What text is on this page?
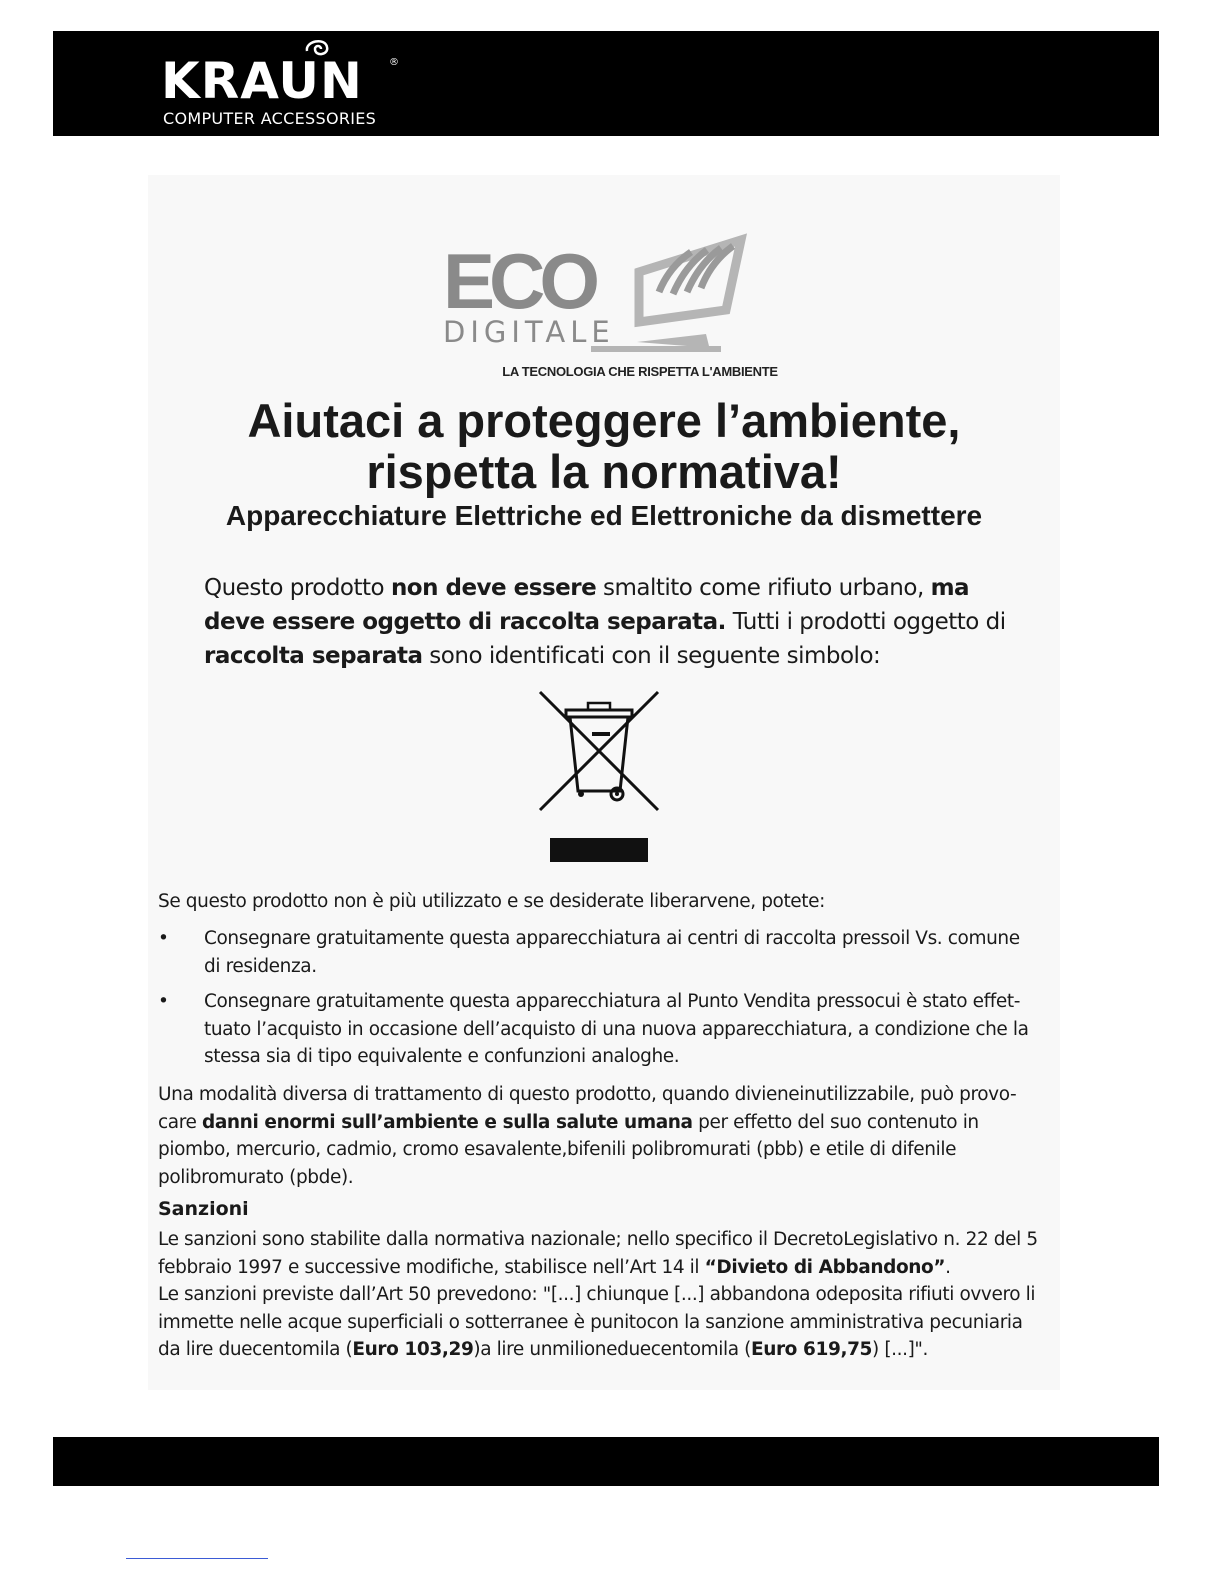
KRAUN	®
COMPUTER ACCESSORIES
ECO
DIGITALE
LA TECNOLOGIA CHE RISPETTA L'AMBIENTE
Aiutaci a proteggere l’ambiente,
rispetta la normativa!
Apparecchiature Elettriche ed Elettroniche da dismettere

Questo prodotto non deve essere smaltito come rifiuto urbano, ma deve essere oggetto di raccolta separata. Tutti i prodotti oggetto di raccolta separata sono identificati con il seguente simbolo:

Se questo prodotto non è più utilizzato e se desiderate liberarvene, potete:

• Consegnare gratuitamente questa apparecchiatura ai centri di raccolta pressoil Vs. comune di residenza.
• Consegnare gratuitamente questa apparecchiatura al Punto Vendita pressocui è stato effet-tuato l’acquisto in occasione dell’acquisto di una nuova apparecchiatura, a condizione che la stessa sia di tipo equivalente e confunzioni analoghe.

Una modalità diversa di trattamento di questo prodotto, quando divieneinutilizzabile, può provo-care danni enormi sull’ambiente e sulla salute umana per effetto del suo contenuto in piombo, mercurio, cadmio, cromo esavalente,bifenili polibromurati (pbb) e etile di difenile polibromurato (pbde).

Sanzioni

Le sanzioni sono stabilite dalla normativa nazionale; nello specifico il DecretoLegislativo n. 22 del 5 febbraio 1997 e successive modifiche, stabilisce nell’Art 14 il “Divieto di Abbandono”.

Le sanzioni previste dall’Art 50 prevedono: "[...] chiunque [...] abbandona odeposita rifiuti ovvero li immette nelle acque superficiali o sotterranee è punitocon la sanzione amministrativa pecuniaria da lire duecentomila (Euro 103,29)a lire unmilioneduecentomila (Euro 619,75) [...]".
